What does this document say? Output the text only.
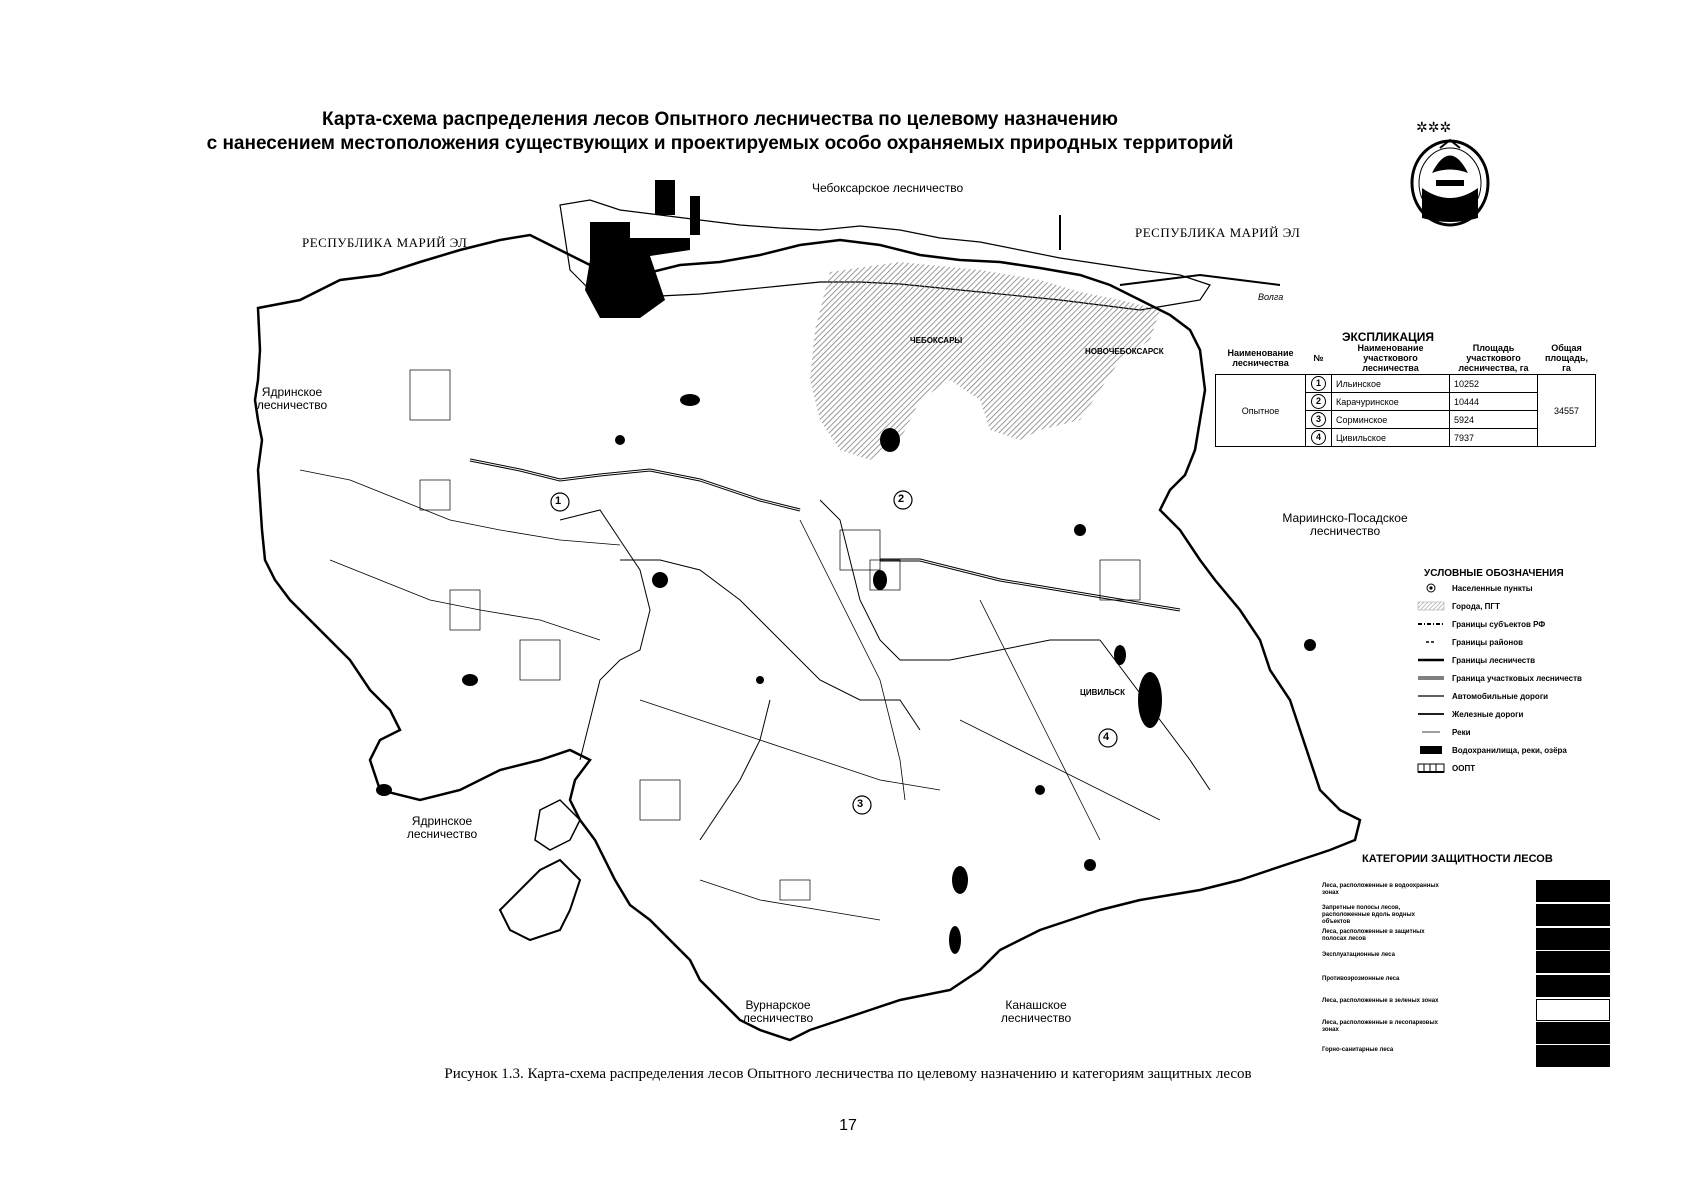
Карта-схема распределения лесов Опытного лесничества по целевому назначению
с нанесением местоположения существующих и проектируемых особо охраняемых природных территорий
✲✲✲
1	2
3
4
Чебоксарское лесничество
РЕСПУБЛИКА МАРИЙ ЭЛ
РЕСПУБЛИКА МАРИЙ ЭЛ
Ядринское лесничество
Ядринское лесничество
Мариинско-Посадское лесничество
Вурнарское лесничество
Канашское лесничество
ЧЕБОКСАРЫ
НОВОЧЕБОКСАРСК
ЦИВИЛЬСК
Волга
ЭКСПЛИКАЦИЯ
Наименование лесничества	№	Наименование участкового лесничества	Площадь участкового лесничества, га	Общая площадь, га
Опытное	1	Ильинское	10252	34557
	2	Карачуринское	10444	
	3	Сорминское	5924	
	4	Цивильское	7937	
УСЛОВНЫЕ ОБОЗНАЧЕНИЯ
Населенные пункты
Города, ПГТ
Границы субъектов РФ
Границы районов
Границы лесничеств
Граница участковых лесничеств
Автомобильные дороги
Железные дороги
Реки
Водохранилища, реки, озёра
ООПТ
КАТЕГОРИИ ЗАЩИТНОСТИ ЛЕСОВ
Леса, расположенные в водоохранных зонах
Запретные полосы лесов, расположенные вдоль водных объектов
Леса, расположенные в защитных полосах лесов
Эксплуатационные леса
Противоэрозионные леса
Леса, расположенные в зеленых зонах
Леса, расположенные в лесопарковых зонах
Горно-санитарные леса
Рисунок 1.3. Карта-схема распределения лесов Опытного лесничества по целевому назначению и категориям защитных лесов
17
